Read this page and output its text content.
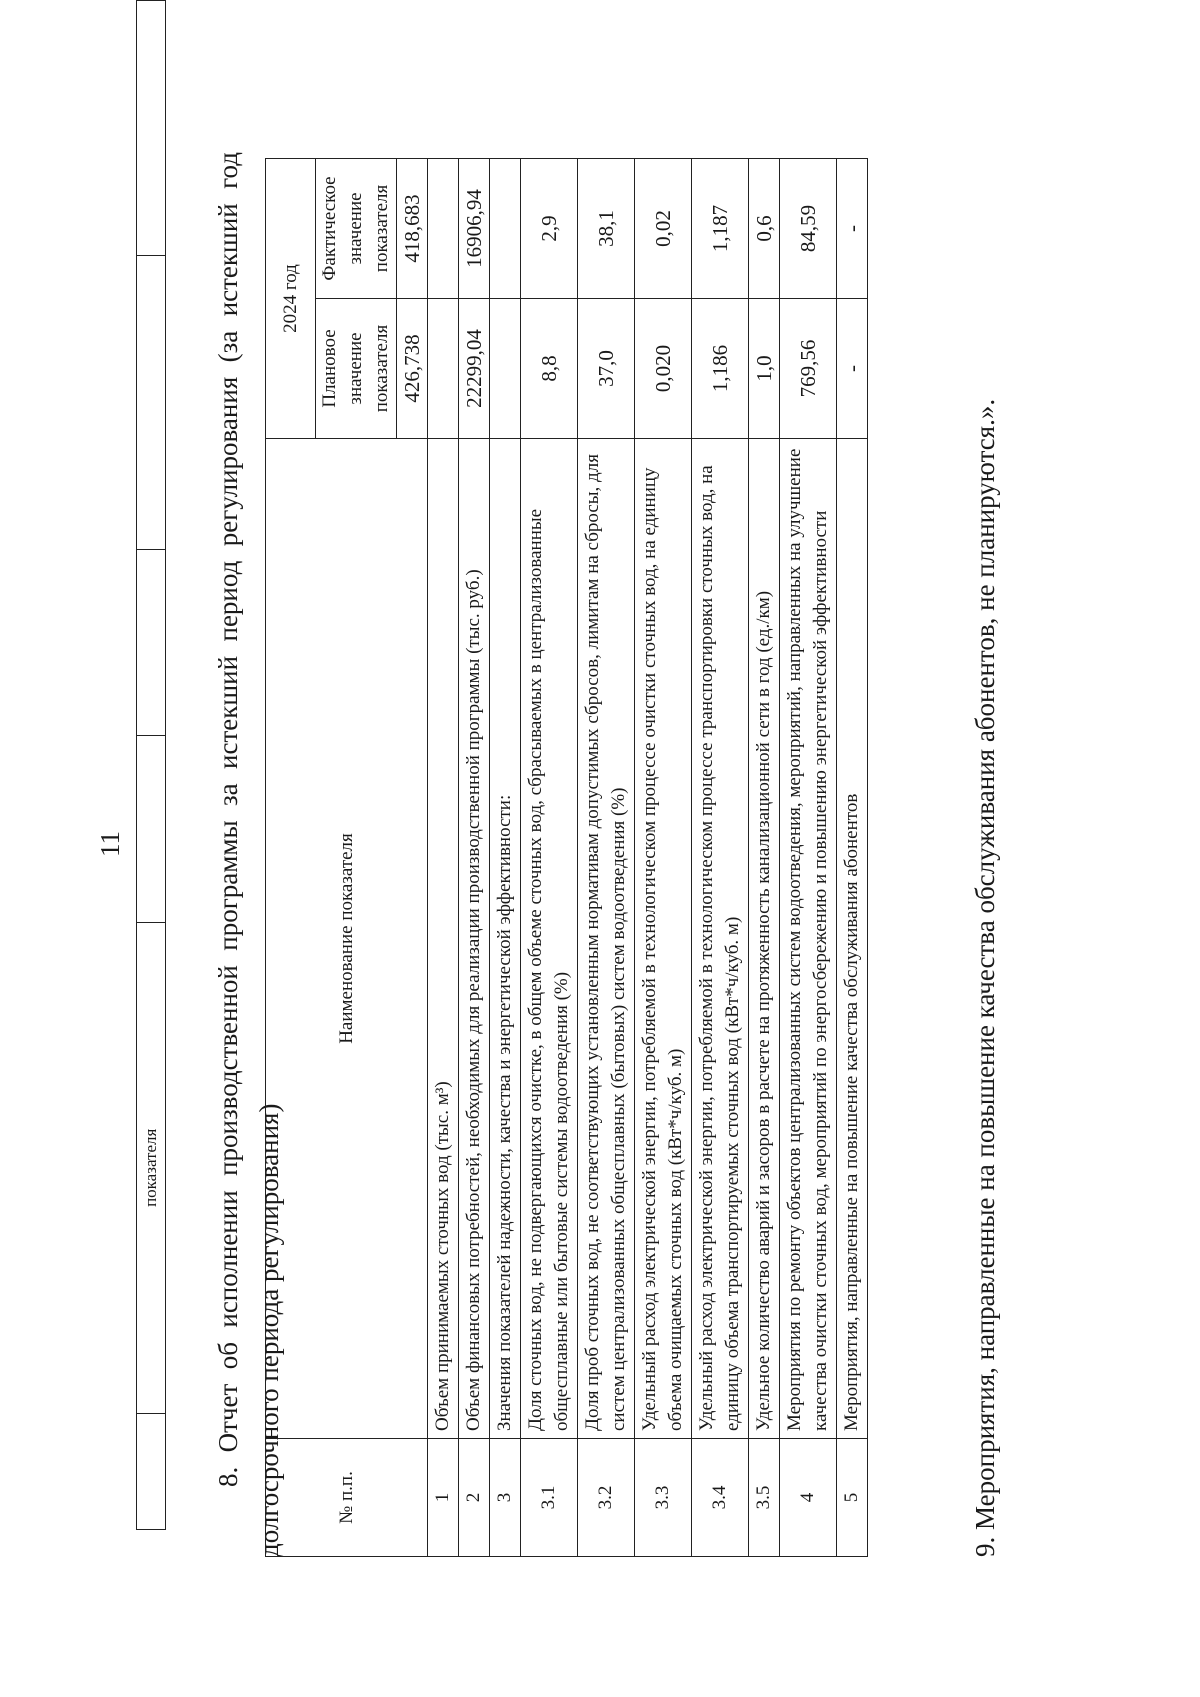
11
	показателя				8. Отчет об исполнении производственной программы за истекший период регулирования (за истекший год долгосрочного периода регулирования)	№ п.п.	Наименование показателя	2024 год	
		Плановое значение показателя	Фактическое значение показателя
		426,738	418,683
1	Объем принимаемых сточных вод (тыс. м³)		
2	Объем финансовых потребностей, необходимых для реализации производственной программы (тыс. руб.)	22299,04	16906,94
3	Значения показателей надежности, качества и энергетической эффективности:		
3.1	Доля сточных вод, не подвергающихся очистке, в общем объеме сточных вод, сбрасываемых в централизованные общесплавные или бытовые системы водоотведения (%)	8,8	2,9
3.2	Доля проб сточных вод, не соответствующих установленным нормативам допустимых сбросов, лимитам на сбросы, для систем централизованных общесплавных (бытовых) систем водоотведения (%)	37,0	38,1
3.3	Удельный расход электрической энергии, потребляемой в технологическом процессе очистки сточных вод, на единицу объема очищаемых сточных вод (кВт*ч/куб. м)	0,020	0,02
3.4	Удельный расход электрической энергии, потребляемой в технологическом процессе транспортировки сточных вод, на единицу объема транспортируемых сточных вод (кВт*ч/куб. м)	1,186	1,187
3.5	Удельное количество аварий и засоров в расчете на протяженность канализационной сети в год (ед./км)	1,0	0,6
4	Мероприятия по ремонту объектов централизованных систем водоотведения, мероприятий, направленных на улучшение качества очистки сточных вод, мероприятий по энергосбережению и повышению энергетической эффективности	769,56	84,59
5	Мероприятия, направленные на повышение качества обслуживания абонентов	-	-
9. Мероприятия, направленные на повышение качества обслуживания абонентов, не планируются.».
